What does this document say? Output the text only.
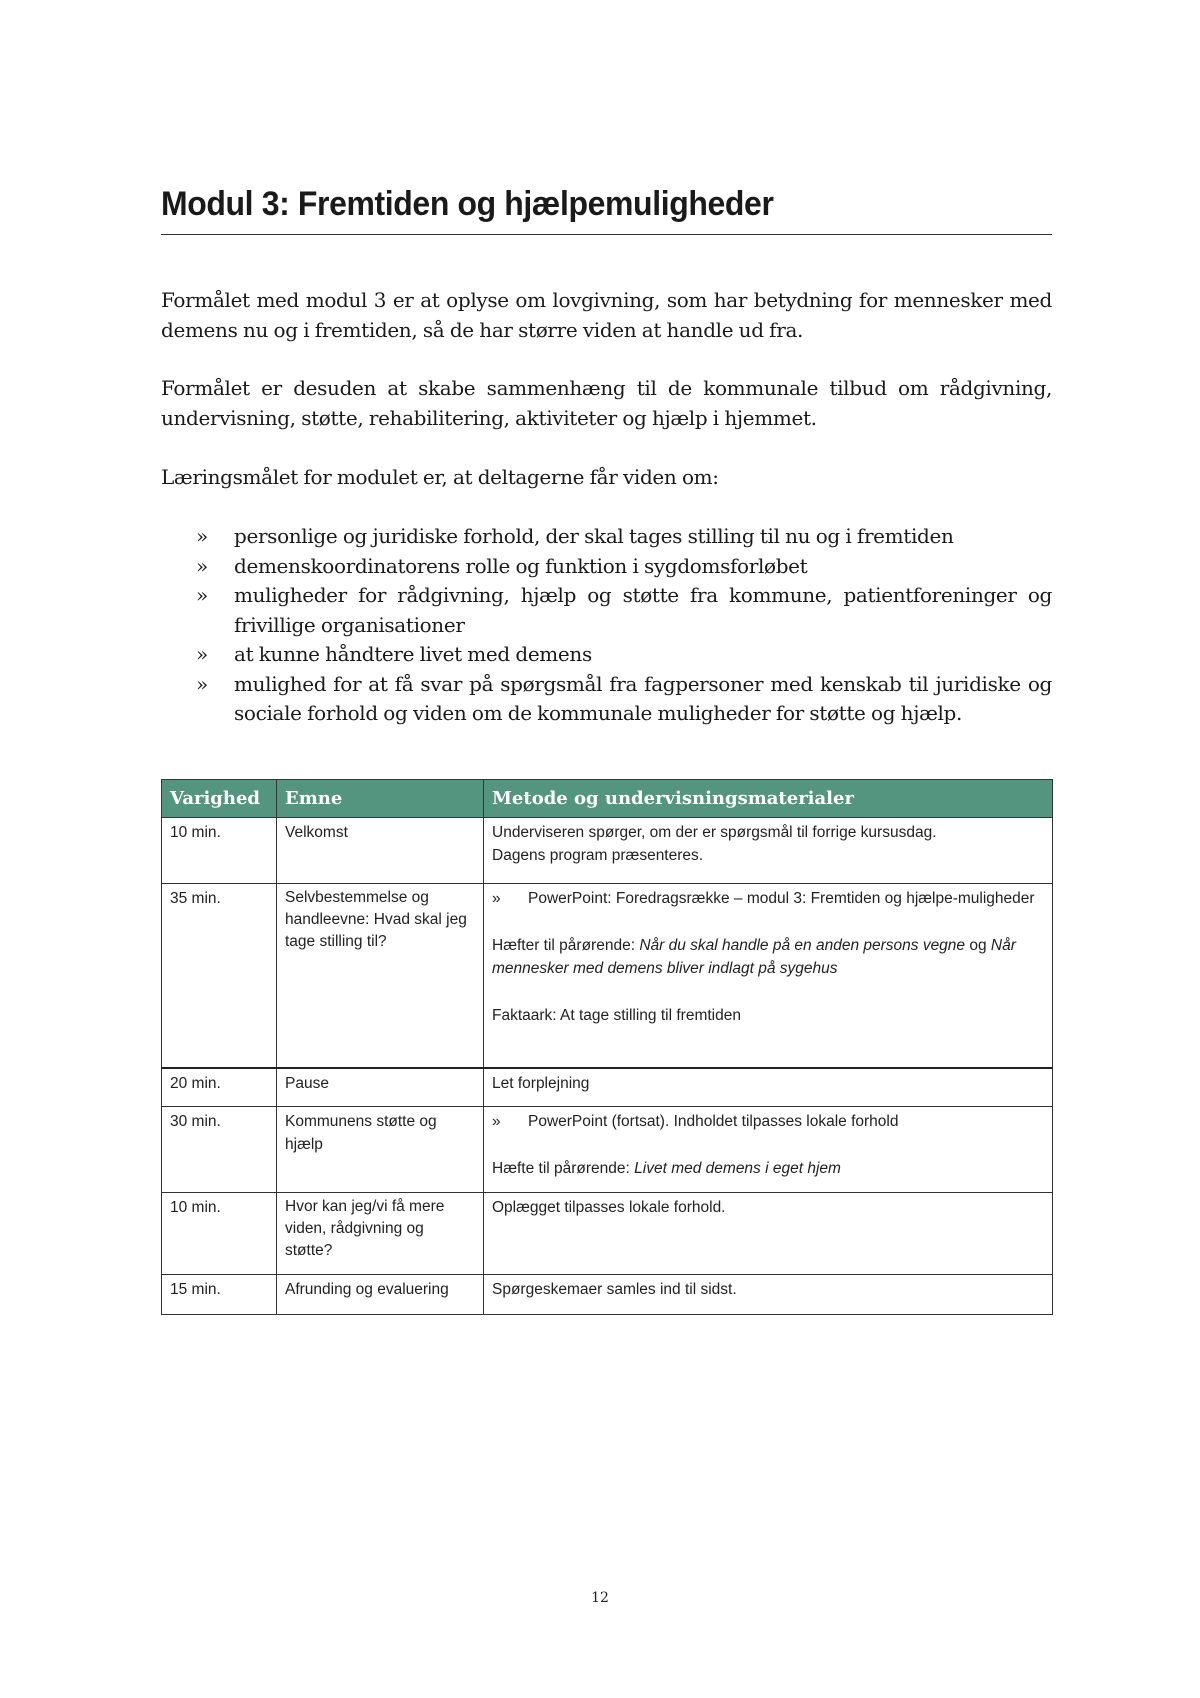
Modul 3: Fremtiden og hjælpemuligheder

Formålet med modul 3 er at oplyse om lovgivning, som har betydning for mennesker med demens nu og i fremtiden, så de har større viden at handle ud fra.

Formålet er desuden at skabe sammenhæng til de kommunale tilbud om rådgivning, undervisning, støtte, rehabilitering, aktiviteter og hjælp i hjemmet.

Læringsmålet for modulet er, at deltagerne får viden om:

» personlige og juridiske forhold, der skal tages stilling til nu og i fremtiden
» demenskoordinatorens rolle og funktion i sygdomsforløbet
» muligheder for rådgivning, hjælp og støtte fra kommune, patientforeninger og frivillige organisationer
» at kunne håndtere livet med demens
» mulighed for at få svar på spørgsmål fra fagpersoner med kenskab til juridiske og sociale forhold og viden om de kommunale muligheder for støtte og hjælp.
Varighed	Emne	Metode og undervisningsmaterialer
10 min.	Velkomst	Underviseren spørger, om der er spørgsmål til forrige kursusdag.

Dagens program præsenteres.

35 min.	Selvbestemmelse og handleevne: Hvad skal jeg tage stilling til?	» PowerPoint: Foredragsrække – modul 3: Fremtiden og hjælpe-muligheder

Hæfter til pårørende: Når du skal handle på en anden persons vegne og Når mennesker med demens bliver indlagt på sygehus

Faktaark: At tage stilling til fremtiden

20 min.	Pause	Let forplejning
30 min.	Kommunens støtte og hjælp	» PowerPoint (fortsat). Indholdet tilpasses lokale forhold

Hæfte til pårørende: Livet med demens i eget hjem

10 min.	Hvor kan jeg/vi få mere viden, rådgivning og støtte?	Oplægget tilpasses lokale forhold.
15 min.	Afrunding og evaluering	Spørgeskemaer samles ind til sidst.
12
